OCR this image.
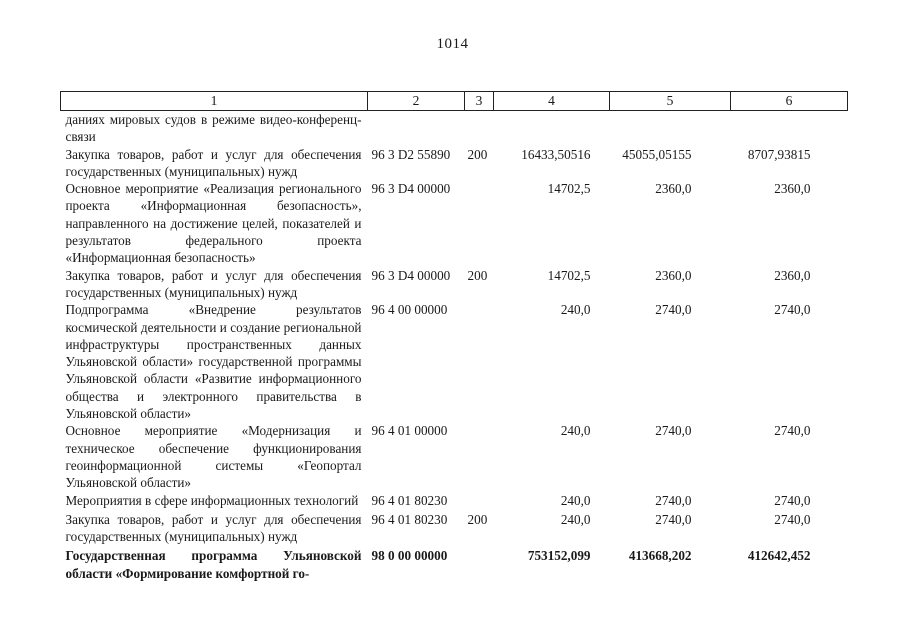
1014
1	2	3	4	5	6
даниях мировых судов в режиме видео-конференц-связи					
Закупка товаров, работ и услуг для обеспечения государственных (муниципальных) нужд	96 3 D2 55890	200	16433,50516	45055,05155	8707,93815
Основное мероприятие «Реализация регионального проекта «Информационная безопасность», направленного на достижение целей, показателей и результатов федерального проекта «Информационная безопасность»	96 3 D4 00000		14702,5	2360,0	2360,0
Закупка товаров, работ и услуг для обеспечения государственных (муниципальных) нужд	96 3 D4 00000	200	14702,5	2360,0	2360,0
Подпрограмма «Внедрение результатов космической деятельности и создание региональной инфраструктуры пространственных данных Ульяновской области» государственной программы Ульяновской области «Развитие информационного общества и электронного правительства в Ульяновской области»	96 4 00 00000		240,0	2740,0	2740,0
Основное мероприятие «Модернизация и техническое обеспечение функционирования геоинформационной системы «Геопортал Ульяновской области»	96 4 01 00000		240,0	2740,0	2740,0
Мероприятия в сфере информационных технологий	96 4 01 80230		240,0	2740,0	2740,0
Закупка товаров, работ и услуг для обеспечения государственных (муниципальных) нужд	96 4 01 80230	200	240,0	2740,0	2740,0
Государственная программа Ульяновской области «Формирование комфортной го-	98 0 00 00000		753152,099	413668,202	412642,452
